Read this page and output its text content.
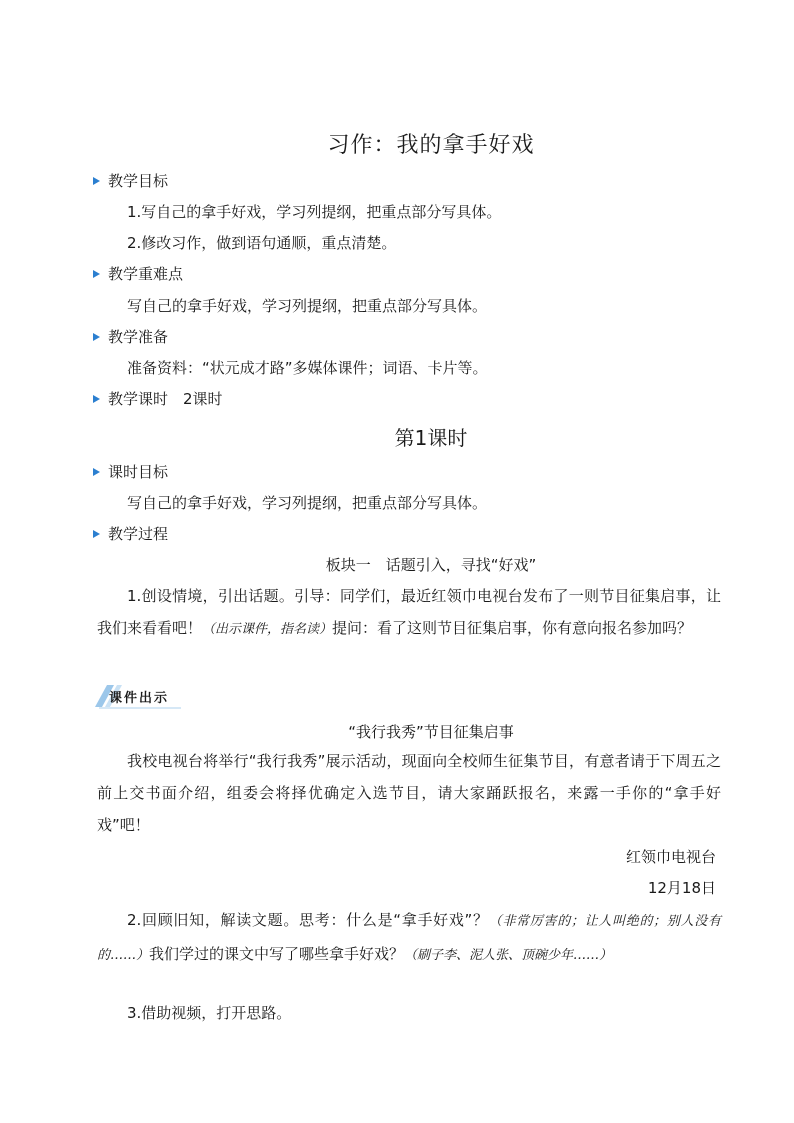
习作：我的拿手好戏
教学目标
1.写自己的拿手好戏，学习列提纲，把重点部分写具体。
2.修改习作，做到语句通顺，重点清楚。
教学重难点
写自己的拿手好戏，学习列提纲，把重点部分写具体。
教学准备
准备资料：“状元成才路”多媒体课件；词语、卡片等。
教学课时　2课时
第1课时
课时目标
写自己的拿手好戏，学习列提纲，把重点部分写具体。
教学过程
板块一　话题引入，寻找“好戏”
1.创设情境，引出话题。引导：同学们，最近红领巾电视台发布了一则节目征集启事，让我们来看看吧！（出示课件，指名读）提问：看了这则节目征集启事，你有意向报名参加吗？
课件出示
“我行我秀”节目征集启事
我校电视台将举行“我行我秀”展示活动，现面向全校师生征集节目，有意者请于下周五之前上交书面介绍，组委会将择优确定入选节目，请大家踊跃报名，来露一手你的“拿手好戏”吧！
红领巾电视台
12月18日
2.回顾旧知，解读文题。思考：什么是“拿手好戏”？（非常厉害的；让人叫绝的；别人没有的……）我们学过的课文中写了哪些拿手好戏？（刷子李、泥人张、顶碗少年……）
3.借助视频，打开思路。
